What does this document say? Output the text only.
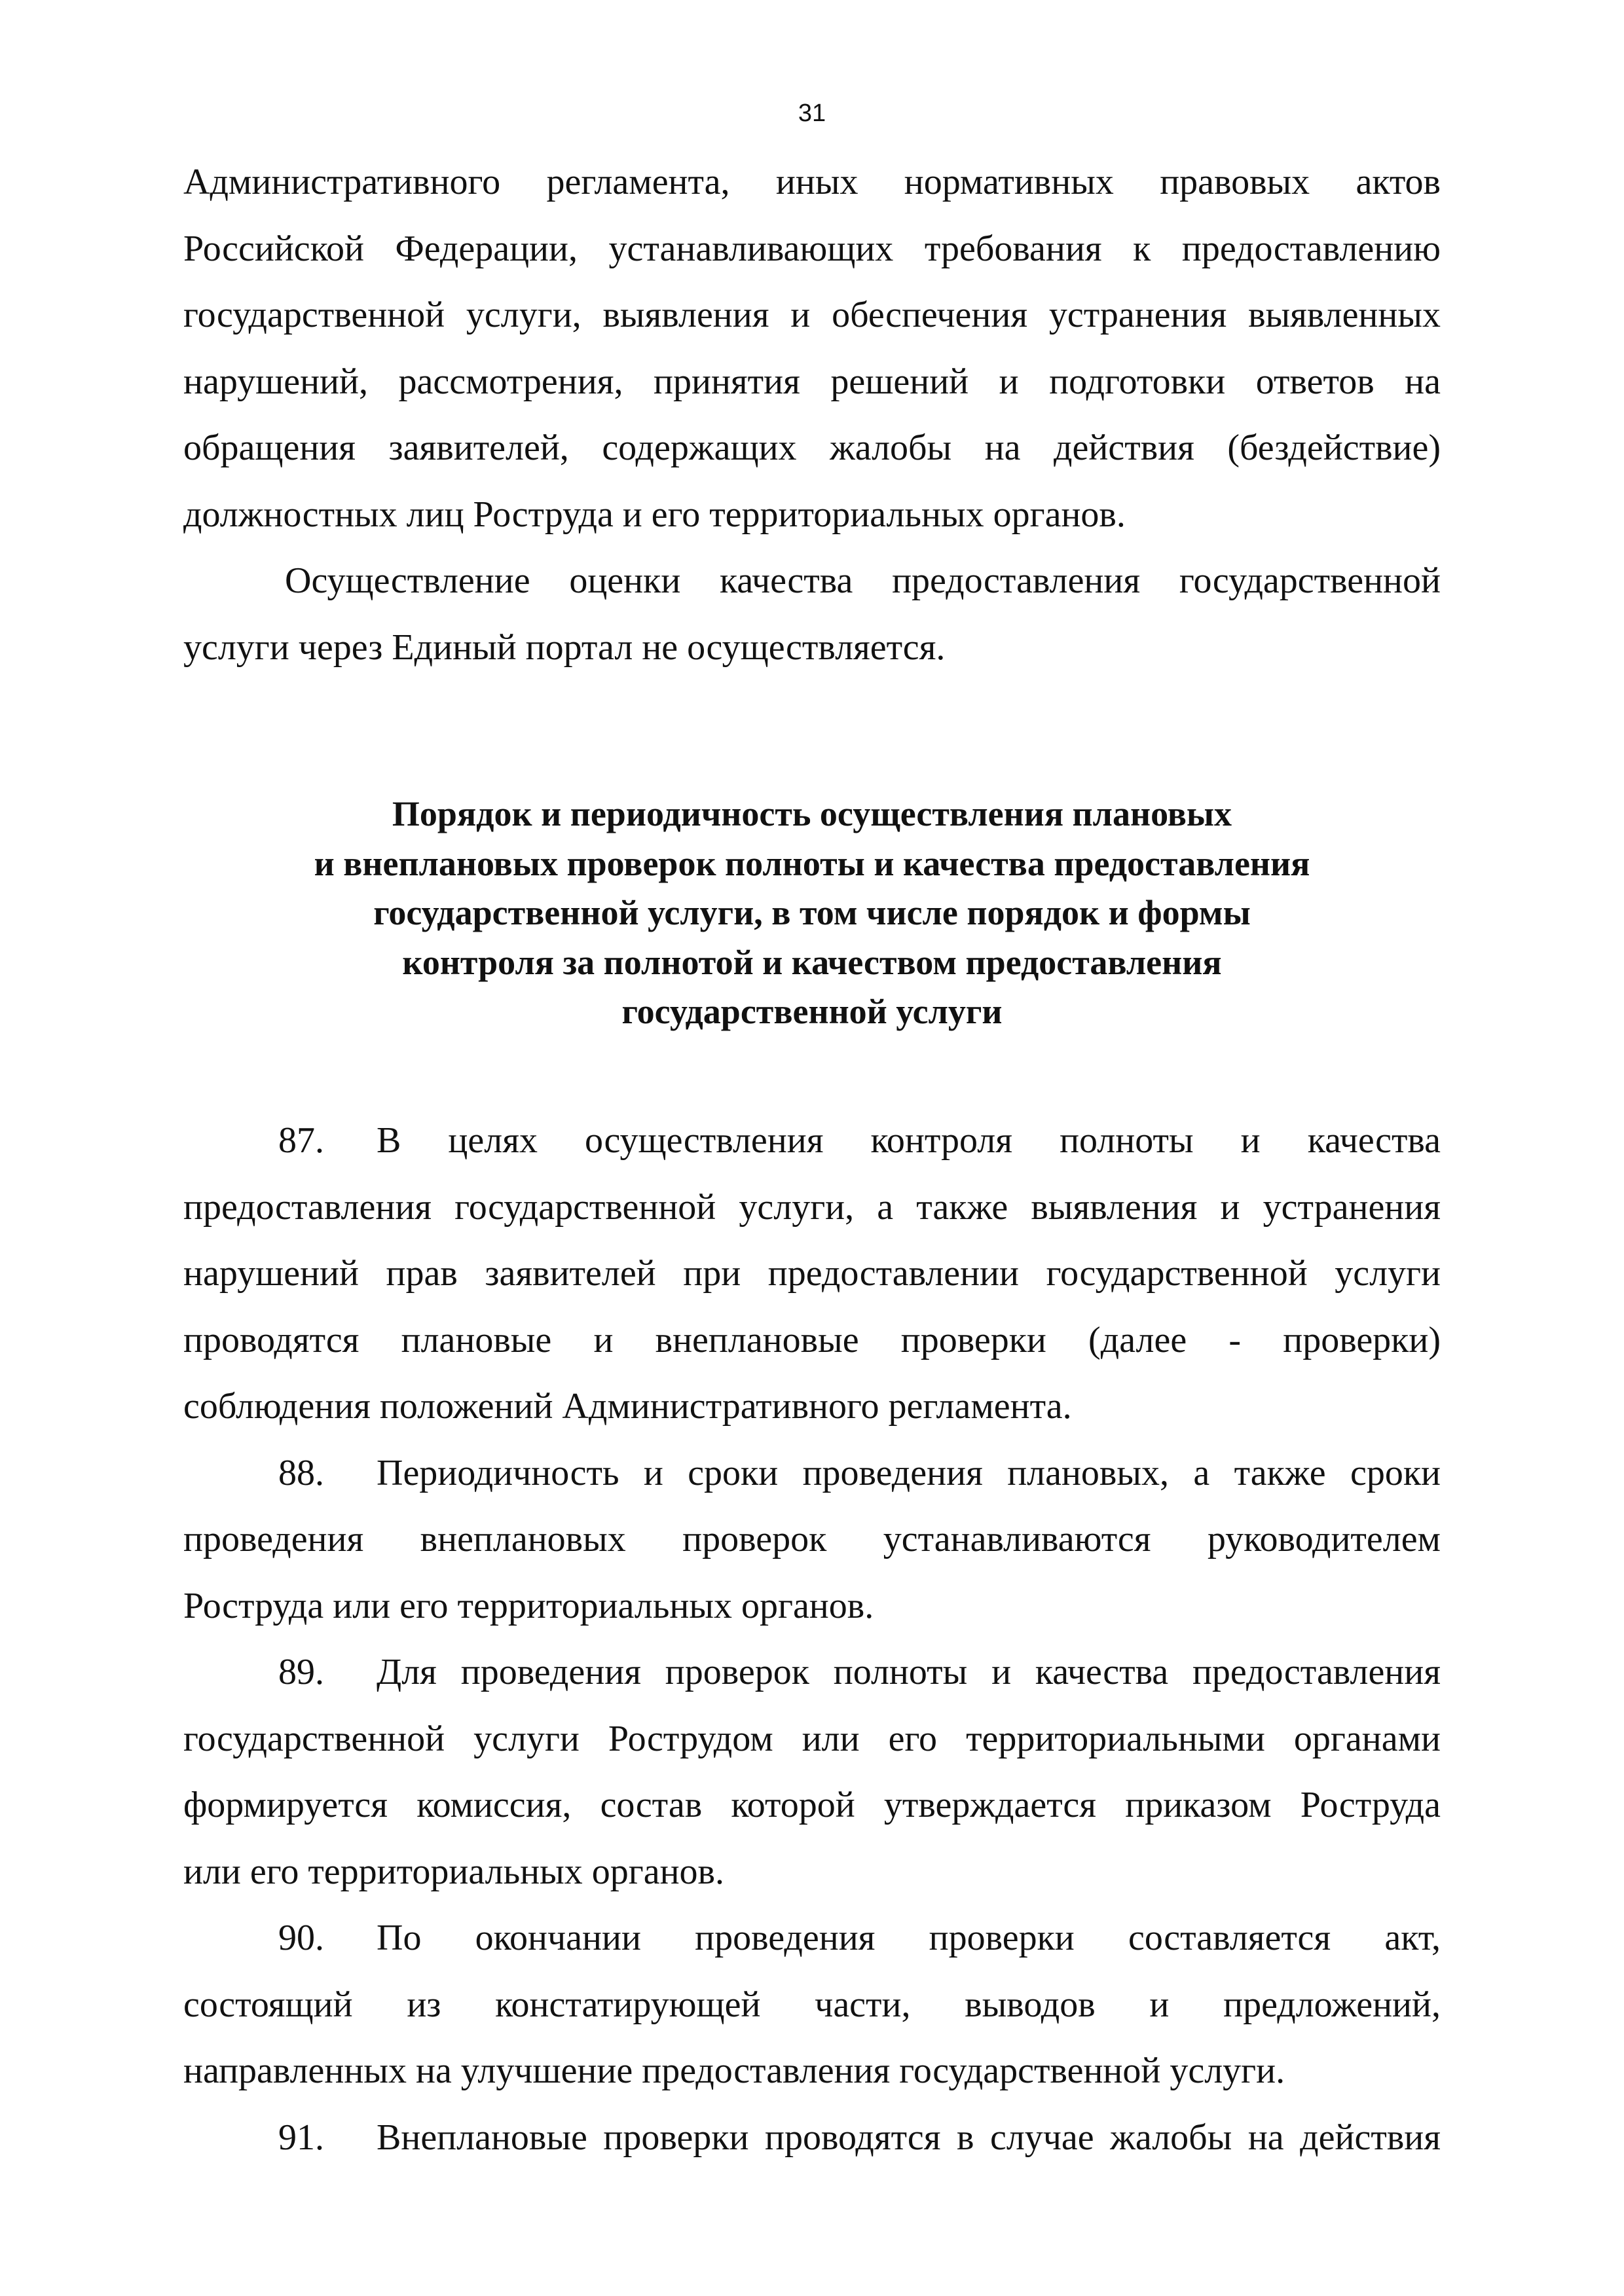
31

Административного регламента, иных нормативных правовых актов
Российской Федерации, устанавливающих требования к предоставлению
государственной услуги, выявления и обеспечения устранения выявленных
нарушений, рассмотрения, принятия решений и подготовки ответов на
обращения заявителей, содержащих жалобы на действия (бездействие)

должностных лиц Роструда и его территориальных органов.

Осуществление оценки качества предоставления государственной

услуги через Единый портал не осуществляется.

Порядок и периодичность осуществления плановых
и внеплановых проверок полноты и качества предоставления
государственной услуги, в том числе порядок и формы
контроля за полнотой и качеством предоставления
государственной услуги

87. В целях осуществления контроля полноты и качества

предоставления государственной услуги, а также выявления и устранения
нарушений прав заявителей при предоставлении государственной услуги
проводятся плановые и внеплановые проверки (далее - проверки)

соблюдения положений Административного регламента.

88. Периодичность и сроки проведения плановых, а также сроки

проведения внеплановых проверок устанавливаются руководителем

Роструда или его территориальных органов.

89. Для проведения проверок полноты и качества предоставления

государственной услуги Рострудом или его территориальными органами
формируется комиссия, состав которой утверждается приказом Роструда

или его территориальных органов.

90. По окончании проведения проверки составляется акт,

состоящий из констатирующей части, выводов и предложений,

направленных на улучшение предоставления государственной услуги.

91. Внеплановые проверки проводятся в случае жалобы на действия
